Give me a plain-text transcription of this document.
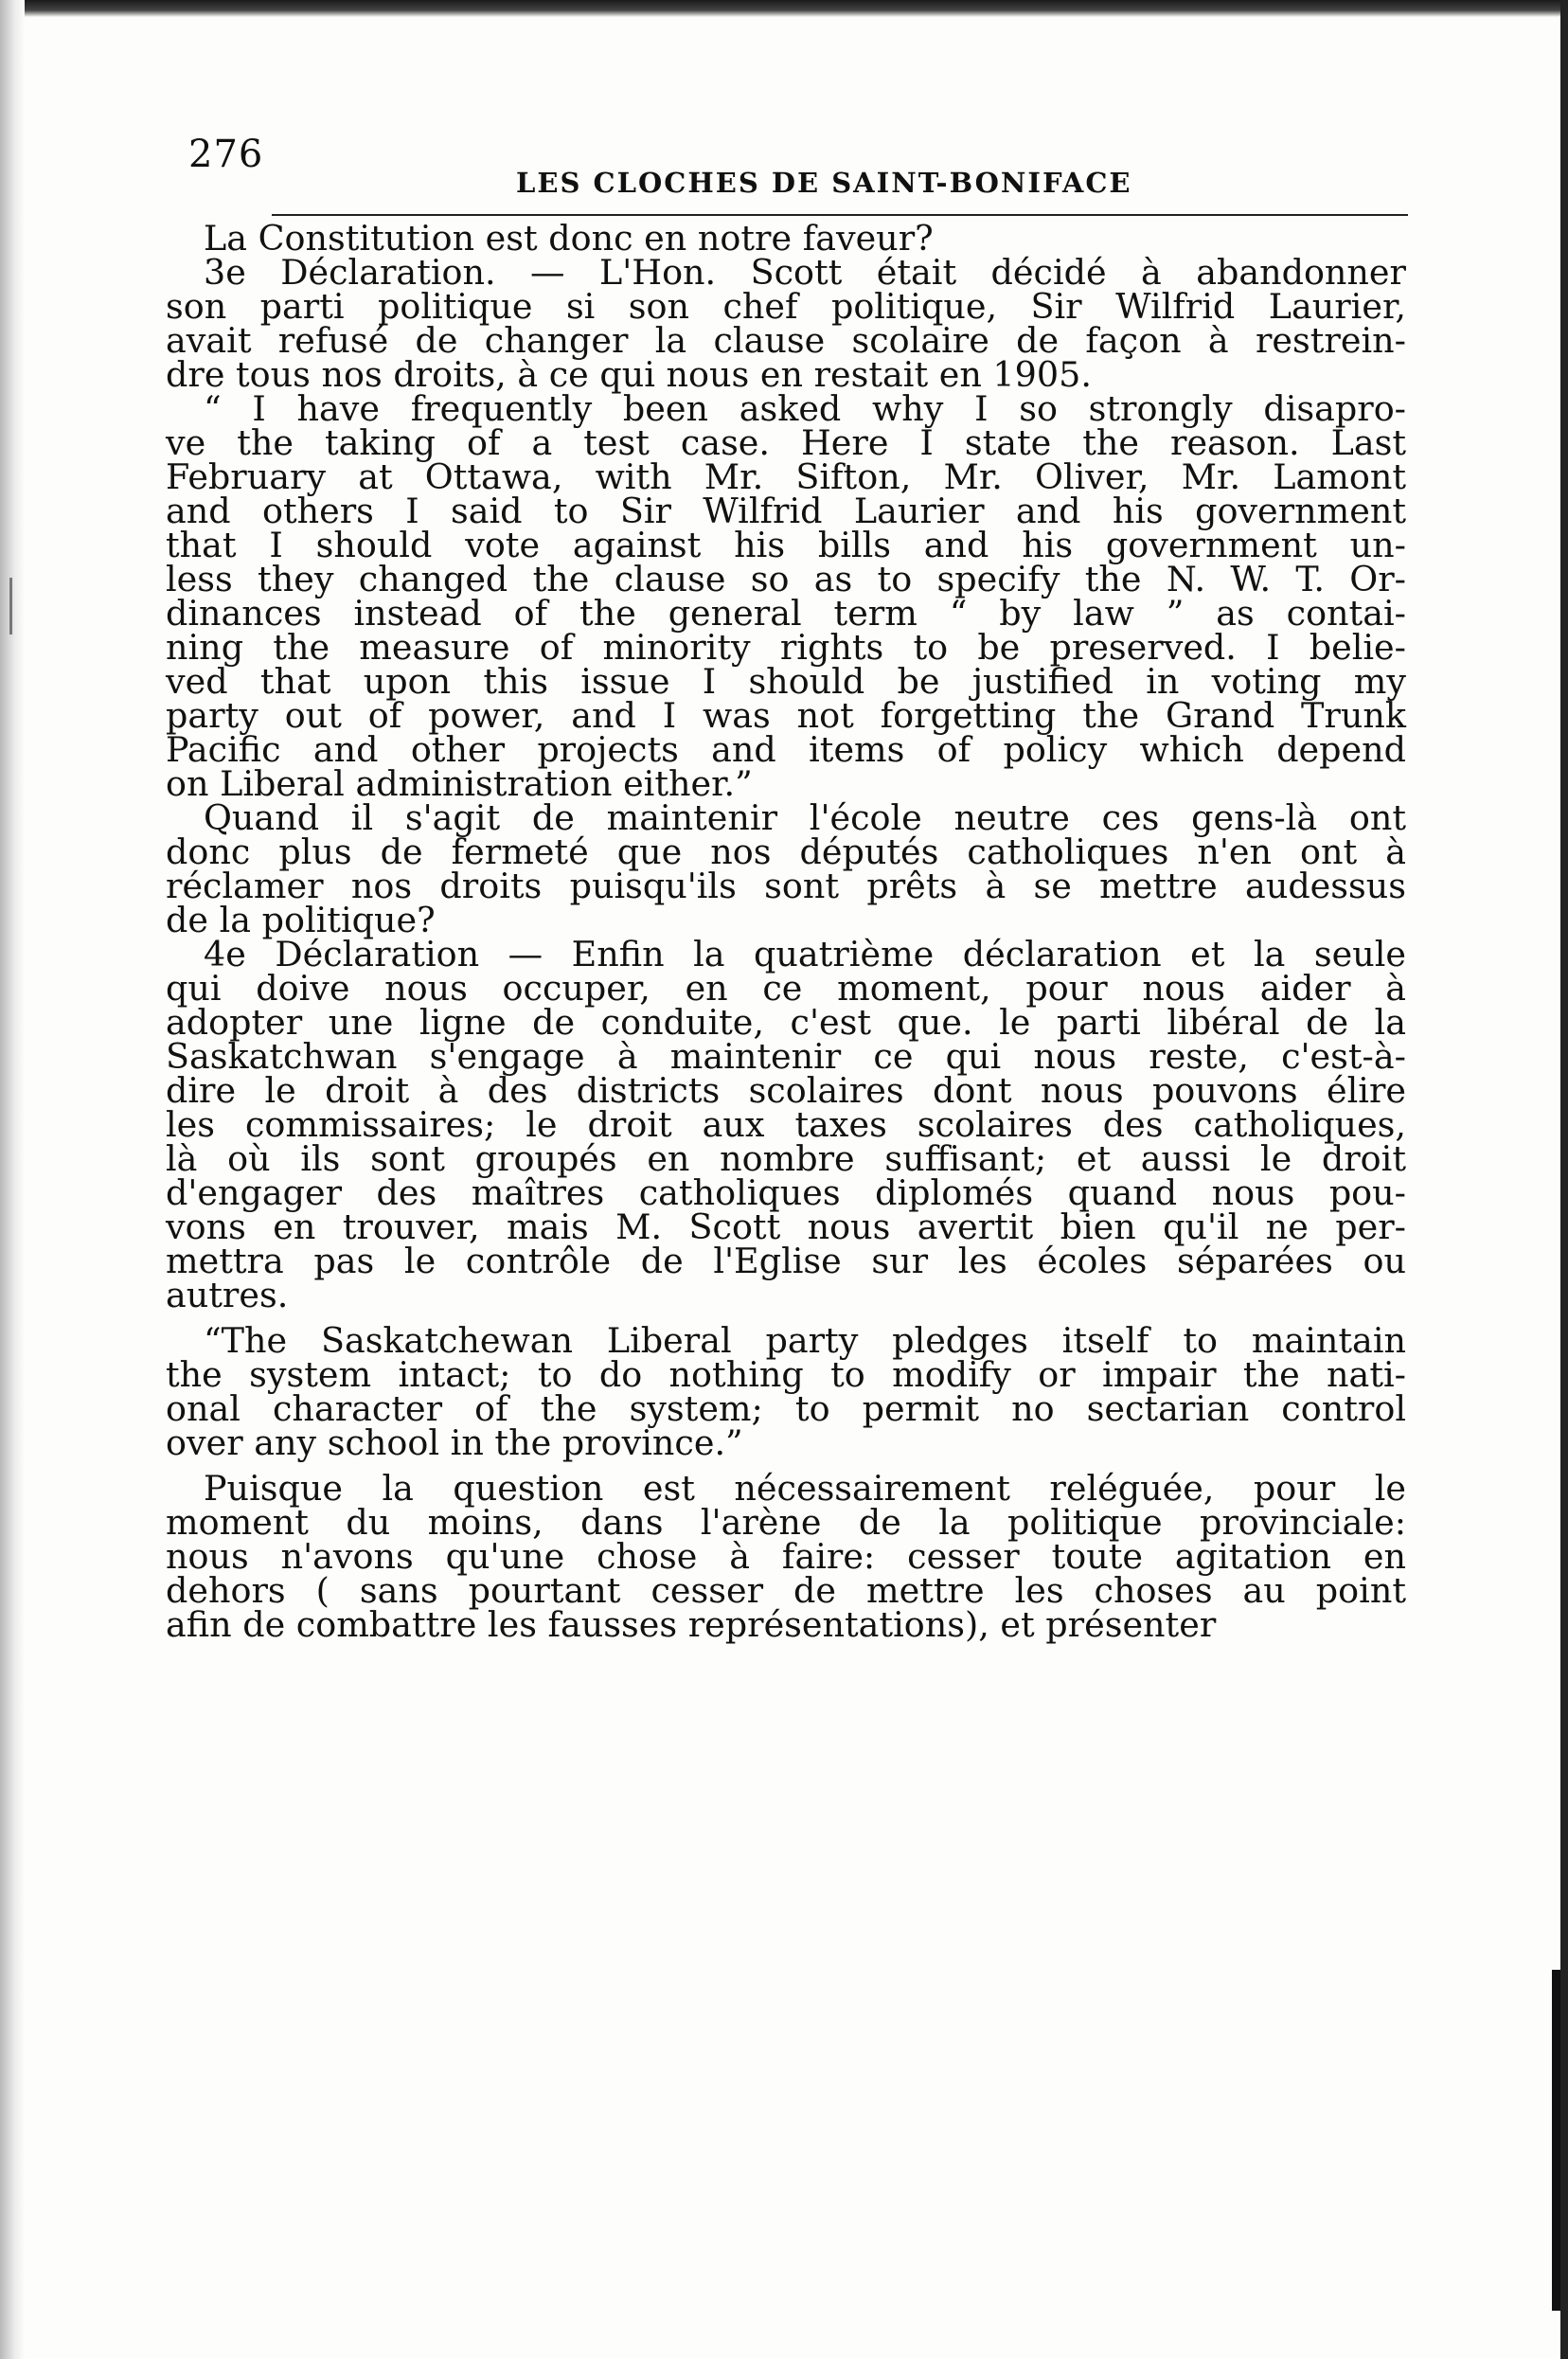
276
LES CLOCHES DE SAINT-BONIFACE
La Constitution est donc en notre faveur?
3e Déclaration. — L'Hon. Scott était décidé à abandonner
son parti politique si son chef politique, Sir Wilfrid Laurier,
avait refusé de changer la clause scolaire de façon à restrein-
dre tous nos droits, à ce qui nous en restait en 1905.
“ I have frequently been asked why I so strongly disapro-
ve the taking of a test case. Here I state the reason. Last
February at Ottawa, with Mr. Sifton, Mr. Oliver, Mr. Lamont
and others I said to Sir Wilfrid Laurier and his government
that I should vote against his bills and his government un-
less they changed the clause so as to specify the N. W. T. Or-
dinances instead of the general term “ by law ” as contai-
ning the measure of minority rights to be preserved. I belie-
ved that upon this issue I should be justified in voting my
party out of power, and I was not forgetting the Grand Trunk
Pacific and other projects and items of policy which depend
on Liberal administration either.”
Quand il s'agit de maintenir l'école neutre ces gens-là ont
donc plus de fermeté que nos députés catholiques n'en ont à
réclamer nos droits puisqu'ils sont prêts à se mettre audessus
de la politique?
4e Déclaration — Enfin la quatrième déclaration et la seule
qui doive nous occuper, en ce moment, pour nous aider à
adopter une ligne de conduite, c'est que. le parti libéral de la
Saskatchwan s'engage à maintenir ce qui nous reste, c'est-à-
dire le droit à des districts scolaires dont nous pouvons élire
les commissaires; le droit aux taxes scolaires des catholiques,
là où ils sont groupés en nombre suffisant; et aussi le droit
d'engager des maîtres catholiques diplomés quand nous pou-
vons en trouver, mais M. Scott nous avertit bien qu'il ne per-
mettra pas le contrôle de l'Eglise sur les écoles séparées ou
autres.
“The Saskatchewan Liberal party pledges itself to maintain
the system intact; to do nothing to modify or impair the nati-
onal character of the system; to permit no sectarian control
over any school in the province.”
Puisque la question est nécessairement reléguée, pour le
moment du moins, dans l'arène de la politique provinciale:
nous n'avons qu'une chose à faire: cesser toute agitation en
dehors ( sans pourtant cesser de mettre les choses au point
afin de combattre les fausses représentations), et présenter
